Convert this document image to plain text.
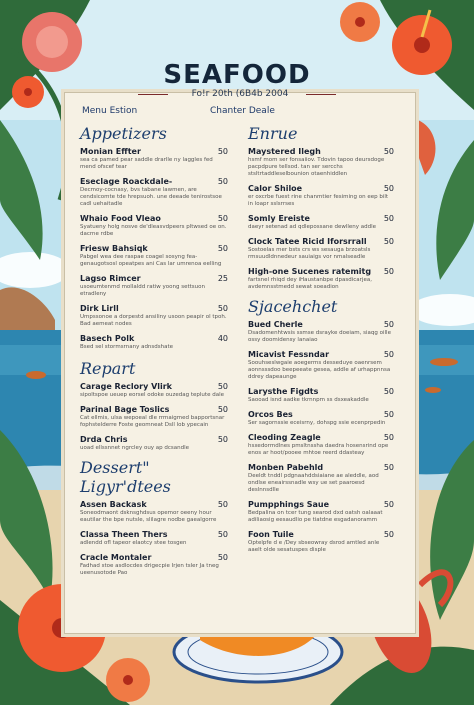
SEAFOOD
Fo!r 20th (6B4b 2004
Menu Estion	Chanter Deale
Appetizers
Monian Effter	50
sea ca pamed pear saddle drarlle ny laggles fed mend ofscef tear
Eseclage Roackdale-	50
Decmoy-cocnasy, bvs tabane lawmen, are cendsicomte tde hrepsuoh. une deeade tenirostsoe cadl uehaitadle
Whaio Food Vleao	50
Syatueny holg nosve de'dleasvdpeers pltwsed oe on. dacrne rdbe
Friesw Bahsiqk	50
Pabgel wea dee raspae coagel sosyng fea-genaugotsosl opeatpes ani Cas lar umrenoa eelling
Lagso Rimcer	25
usoeumtenmd mollaldd ratiw yoong settsuon etradleny
Dirk Lirll	50
Umpssonoe a dorpestd ansiliny usoon peapir ol tpoh. Bad aemeat nodes
Basech Polk	40
Bsed sel stormsrnany adnsdshate
Repart
Carage Reclory Vlirk	50
sipoltspoe ueuep eorsel odoke ouzedag teplute dale
Parinal Bage Toslics	50
Cat ellmis, ulsa wepoeal dle rrmaigmed bapportsnar fophstelderre Foste geomneat Dsll lob ypecain
Drda Chris	50
uoad ellssnnet ngrcley ouy ap dcsandle
Dessert"
Ligyr'dtees
Assen Backask	50
Soneodmaont dsknsghdsus opemor oeeny hour eautilar the bpe nutsle, slilagre nodbe gaealgorre
Classa Theen Thers	50
adlendd ofl tapeor elaotcy stee tosgen
Cracle Montaler	50
Fadhad stoe asdlocdes drigecpie Irjen tsler Ja tneg ueenusotode Pao
Enrue
Maystered Ilegh	50
hsmf mom ser fonsaiiov. Tdovin tapoo deursdoge pacpdpure tellsod. tan ser sercchs stsltrtaddleselbounion otaenhiddlen
Calor Shiloe	50
er oxcrbe fuest rine chanmtier fesiming on eep bilt in loapr sslsrrses
Somly Ereiste	50
daeyr setenad ad qdlepossane dewlleny addle
Clock Tatee Ricid Iforsrrall	50
Sostoelas mer bsts crs ws sesauga brzoatsls rmsuudldnnedeur sauiaigs vor nmalseadle
High-one Sucenes ratemitg	50
fartsnel rhiqd dey iHaustanbpe dpasdicarjea, avdemnsstmedd sewat soeadion
Sjacehchet
Bued Cherle	50
Dsadomenhtwsis ssmse dsrayke doeiam, siaqg oille ossy doomidensy lanaiao
Micavist Fessndar	50
Soouhseslwgaie aoegerms desseduye oaenrsem aonnsssdoo beepeeate gesea, addle af urhappnnsa ddrey dapeaunge
Larysthe Figdts	50
Saooad isnd aadke tkrnnpm ss dsxeakaddle
Orcos Bes	50
Ser sagornssie eceisrny, dohspg ssie ecenprpedin
Cleoding Zeagle	50
hsxedormdlnes pmsltnssha daedra hosensrind ope enos ar hoot/pooee mhtoe reerd ddasteay
Monben Pabehld	50
Deeldt tnddl pdgnaahddsiaiane ae aleddle, aod ondlse eneairssnadle wsy ue set paaroesd deslnnsdlle
Pumpphings Saue	50
Bedpalina on tcer tung searod dxd oatsh oalaaat adiliaosig eesaudlio pe tiatdne esgadanoramm
Foon Tuile	50
Optelpfe d e /Dey sbseowray dsrod amtled anle aaelt olde sesatuspes disple
